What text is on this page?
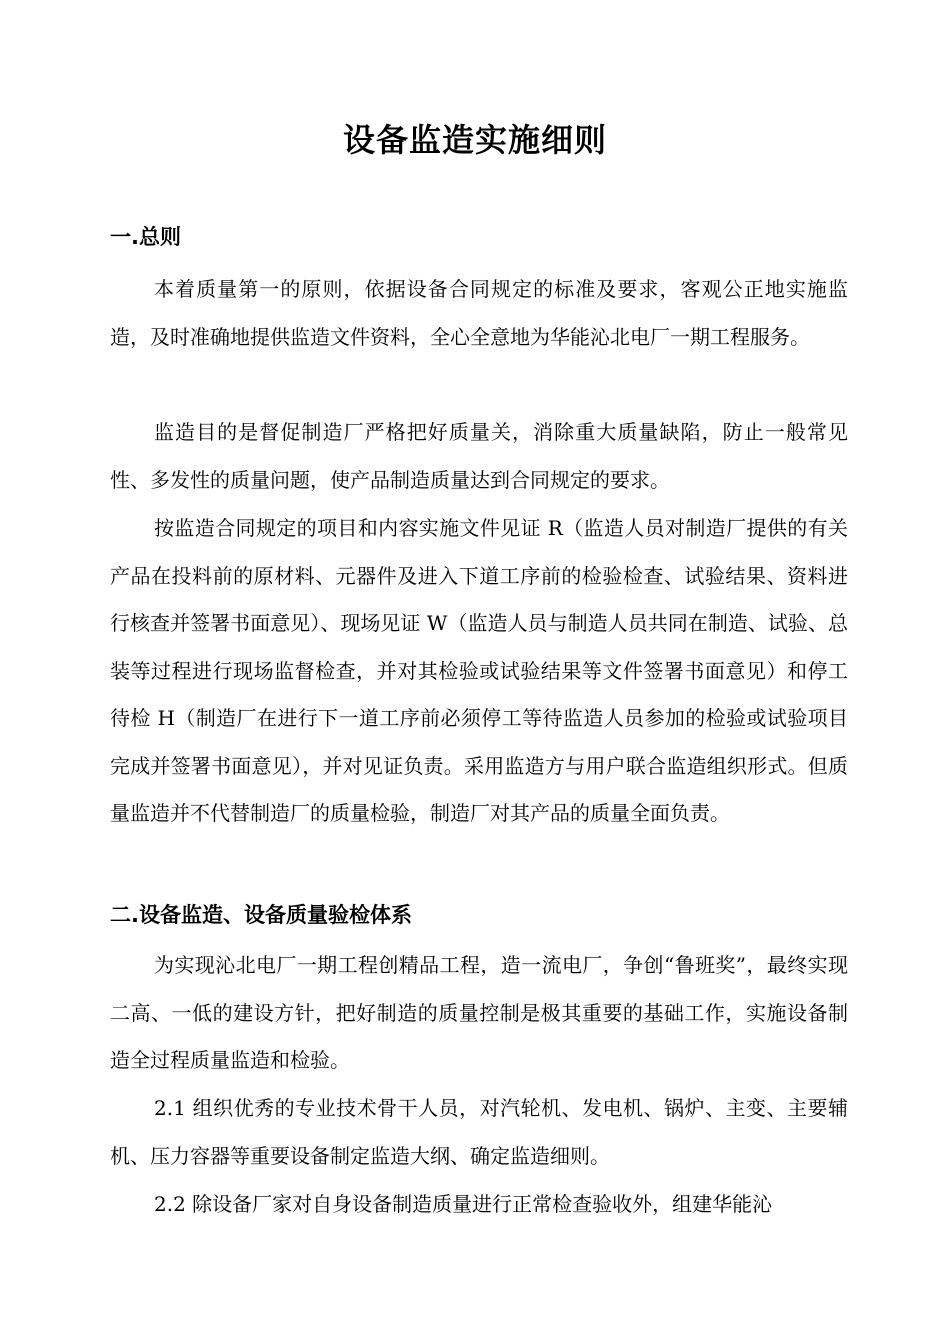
设备监造实施细则
一.总则

本着质量第一的原则，依据设备合同规定的标准及要求，客观公正地实施监造，及时准确地提供监造文件资料，全心全意地为华能沁北电厂一期工程服务。

监造目的是督促制造厂严格把好质量关，消除重大质量缺陷，防止一般常见性、多发性的质量问题，使产品制造质量达到合同规定的要求。

按监造合同规定的项目和内容实施文件见证 R（监造人员对制造厂提供的有关产品在投料前的原材料、元器件及进入下道工序前的检验检查、试验结果、资料进行核查并签署书面意见）、现场见证 W（监造人员与制造人员共同在制造、试验、总装等过程进行现场监督检查，并对其检验或试验结果等文件签署书面意见）和停工待检 H（制造厂在进行下一道工序前必须停工等待监造人员参加的检验或试验项目完成并签署书面意见），并对见证负责。采用监造方与用户联合监造组织形式。但质量监造并不代替制造厂的质量检验，制造厂对其产品的质量全面负责。

二.设备监造、设备质量验检体系

为实现沁北电厂一期工程创精品工程，造一流电厂，争创“鲁班奖”，最终实现二高、一低的建设方针，把好制造的质量控制是极其重要的基础工作，实施设备制造全过程质量监造和检验。

2.1 组织优秀的专业技术骨干人员，对汽轮机、发电机、锅炉、主变、主要辅机、压力容器等重要设备制定监造大纲、确定监造细则。

2.2 除设备厂家对自身设备制造质量进行正常检查验收外，组建华能沁
